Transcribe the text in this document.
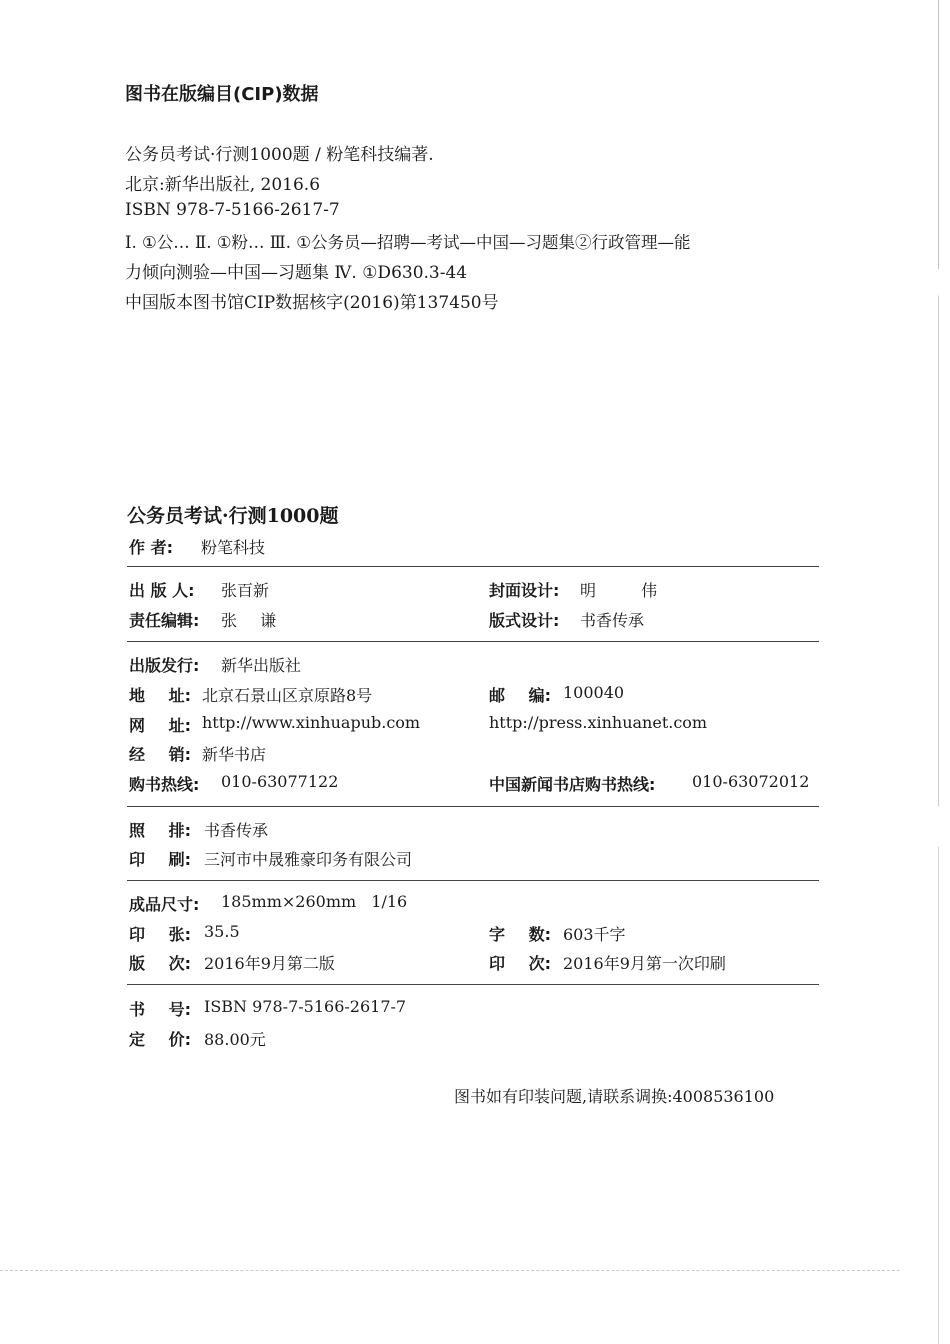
图书在版编目(CIP)数据
公务员考试·行测1000题 / 粉笔科技编著.
北京:新华出版社, 2016.6
ISBN 978-7-5166-2617-7
Ⅰ. ①公… Ⅱ. ①粉… Ⅲ. ①公务员—招聘—考试—中国—习题集②行政管理—能
力倾向测验—中国—习题集 Ⅳ. ①D630.3-44
中国版本图书馆CIP数据核字(2016)第137450号
公务员考试·行测1000题
作 者: 粉笔科技
出 版 人: 张百新	封面设计: 明 伟
责任编辑: 张 谦	版式设计: 书香传承
出版发行: 新华出版社
地 址: 北京石景山区京原路8号	邮 编: 100040
网 址: http://www.xinhuapub.com	http://press.xinhuanet.com
经 销: 新华书店
购书热线: 010-63077122	中国新闻书店购书热线: 010-63072012
照 排: 书香传承
印 刷: 三河市中晟雅豪印务有限公司
成品尺寸: 185mm×260mm 1/16
印 张: 35.5	字 数: 603千字
版 次: 2016年9月第二版	印 次: 2016年9月第一次印刷
书 号: ISBN 978-7-5166-2617-7
定 价: 88.00元
图书如有印装问题,请联系调换:4008536100
